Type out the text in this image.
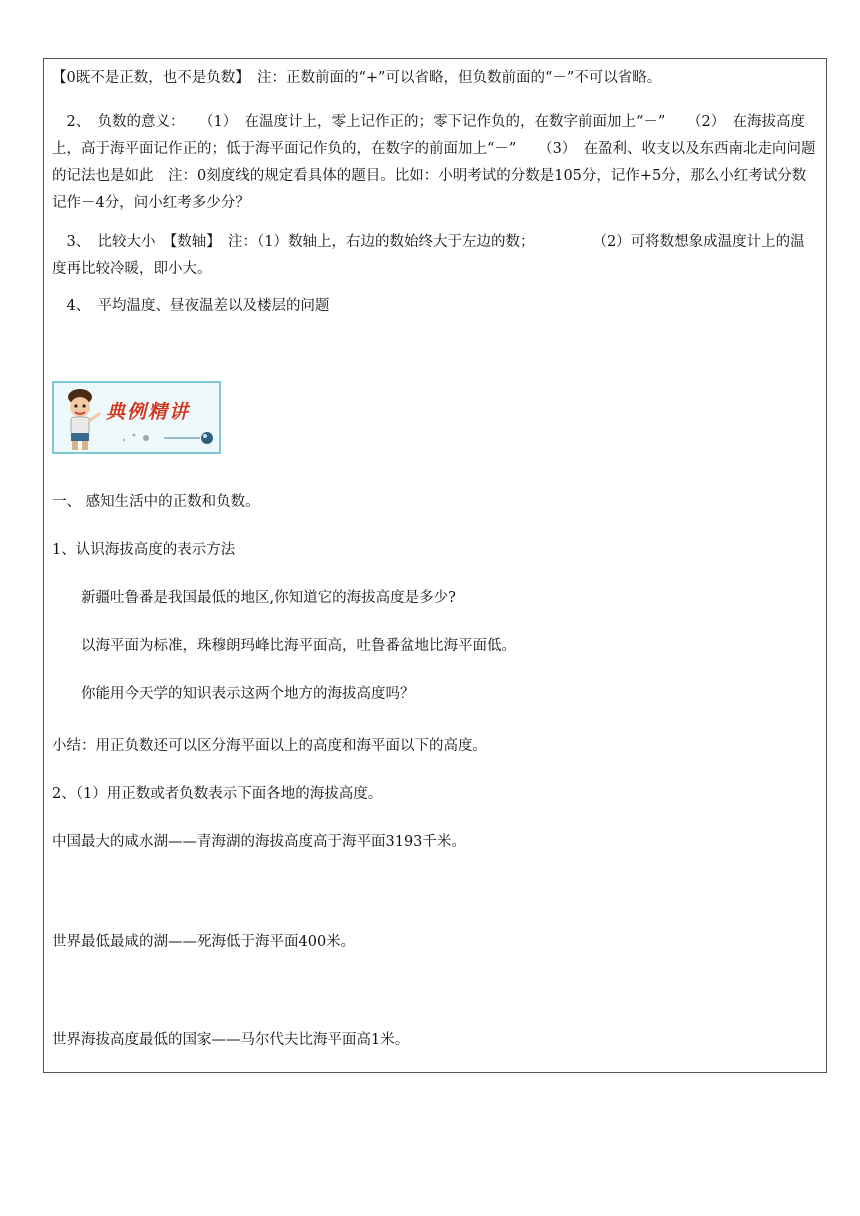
【0既不是正数，也不是负数】　注：正数前面的“+”可以省略，但负数前面的“－”不可以省略。
　2、　负数的意义：　　（1）　在温度计上，零上记作正的；零下记作负的，在数字前面加上“－”　　（2）　在海拔高度上，高于海平面记作正的；低于海平面记作负的，在数字的前面加上“－”　　（3）　在盈利、收支以及东西南北走向问题的记法也是如此　注：0刻度线的规定看具体的题目。比如：小明考试的分数是105分，记作+5分，那么小红考试分数记作－4分，问小红考多少分？
　3、　比较大小　【数轴】　注：（1）数轴上，右边的数始终大于左边的数；　　　　　（2）可将数想象成温度计上的温度再比较冷暖，即小大。
　4、　平均温度、昼夜温差以及楼层的问题
典例精讲
一、 感知生活中的正数和负数。
1、认识海拔高度的表示方法
　　新疆吐鲁番是我国最低的地区,你知道它的海拔高度是多少?
　　以海平面为标准，珠穆朗玛峰比海平面高，吐鲁番盆地比海平面低。
　　你能用今天学的知识表示这两个地方的海拔高度吗？
小结：用正负数还可以区分海平面以上的高度和海平面以下的高度。
2、（1）用正数或者负数表示下面各地的海拔高度。
中国最大的咸水湖——青海湖的海拔高度高于海平面3193千米。
世界最低最咸的湖——死海低于海平面400米。
世界海拔高度最低的国家——马尔代夫比海平面高1米。
